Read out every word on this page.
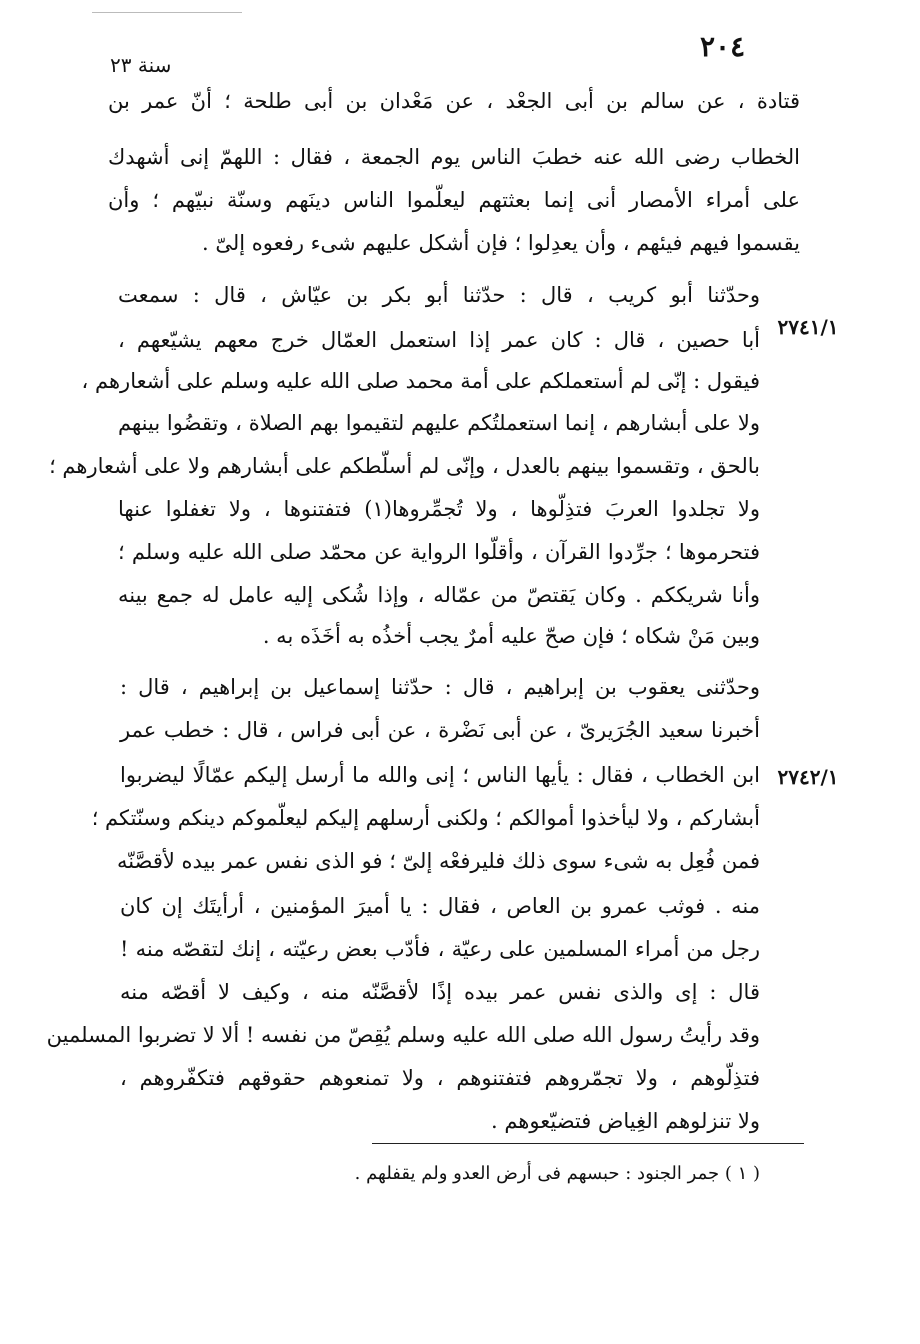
٢٠٤
سنة ٢٣
قتادة ، عن سالم بن أبى الجعْد ، عن مَعْدان بن أبى طلحة ؛ أنّ عمر بن
الخطاب رضى الله عنه خطبَ الناس يوم الجمعة ، فقال : اللهمّ إنى أشهدك
على أمراء الأمصار أنى إنما بعثتهم ليعلّموا الناس دينَهم وسنّة نبيّهم ؛ وأن
يقسموا فيهم فيئهم ، وأن يعدِلوا ؛ فإن أشكل عليهم شىء رفعوه إلىّ .
٢٧٤١/١
وحدّثنا أبو كريب ، قال : حدّثنا أبو بكر بن عيّاش ، قال : سمعت
أبا حصين ، قال : كان عمر إذا استعمل العمّال خرج معهم يشيّعهم ،
فيقول : إنّى لم أستعملكم على أمة محمد صلى الله عليه وسلم على أشعارهم ،
ولا على أبشارهم ، إنما استعملتُكم عليهم لتقيموا بهم الصلاة ، وتقضُوا بينهم
بالحق ، وتقسموا بينهم بالعدل ، وإنّى لم أسلّطكم على أبشارهم ولا على أشعارهم ؛
ولا تجلدوا العربَ فتذِلّوها ، ولا تُجمِّروها(١) فتفتنوها ، ولا تغفلوا عنها
فتحرموها ؛ جرِّدوا القرآن ، وأقلّوا الرواية عن محمّد صلى الله عليه وسلم ؛
وأنا شريككم . وكان يَقتصّ من عمّاله ، وإذا شُكى إليه عامل له جمع بينه
وبين مَنْ شكاه ؛ فإن صحّ عليه أمرٌ يجب أخذُه به أخَذَه به .
٢٧٤٢/١
وحدّثنى يعقوب بن إبراهيم ، قال : حدّثنا إسماعيل بن إبراهيم ، قال :
أخبرنا سعيد الجُرَيرىّ ، عن أبى نَضْرة ، عن أبى فراس ، قال : خطب عمر
ابن الخطاب ، فقال : يأيها الناس ؛ إنى والله ما أرسل إليكم عمّالًا ليضربوا
أبشاركم ، ولا ليأخذوا أموالكم ؛ ولكنى أرسلهم إليكم ليعلّموكم دينكم وسنّتكم ؛
فمن فُعِل به شىء سوى ذلك فليرفعْه إلىّ ؛ فو الذى نفس عمر بيده لأقصَّنّه
منه . فوثب عمرو بن العاص ، فقال : يا أميرَ المؤمنين ، أرأيتَك إن كان
رجل من أمراء المسلمين على رعيّة ، فأدّب بعض رعيّته ، إنك لتقصّه منه !
قال : إى والذى نفس عمر بيده إذًا لأقصَّنّه منه ، وكيف لا أقصّه منه
وقد رأيتُ رسول الله صلى الله عليه وسلم يُقِصّ من نفسه ! ألا لا تضربوا المسلمين
فتذِلّوهم ، ولا تجمّروهم فتفتنوهم ، ولا تمنعوهم حقوقهم فتكفّروهم ،
ولا تنزلوهم الغِياض فتضيّعوهم .
( ١ ) جمر الجنود : حبسهم فى أرض العدو ولم يقفلهم .
